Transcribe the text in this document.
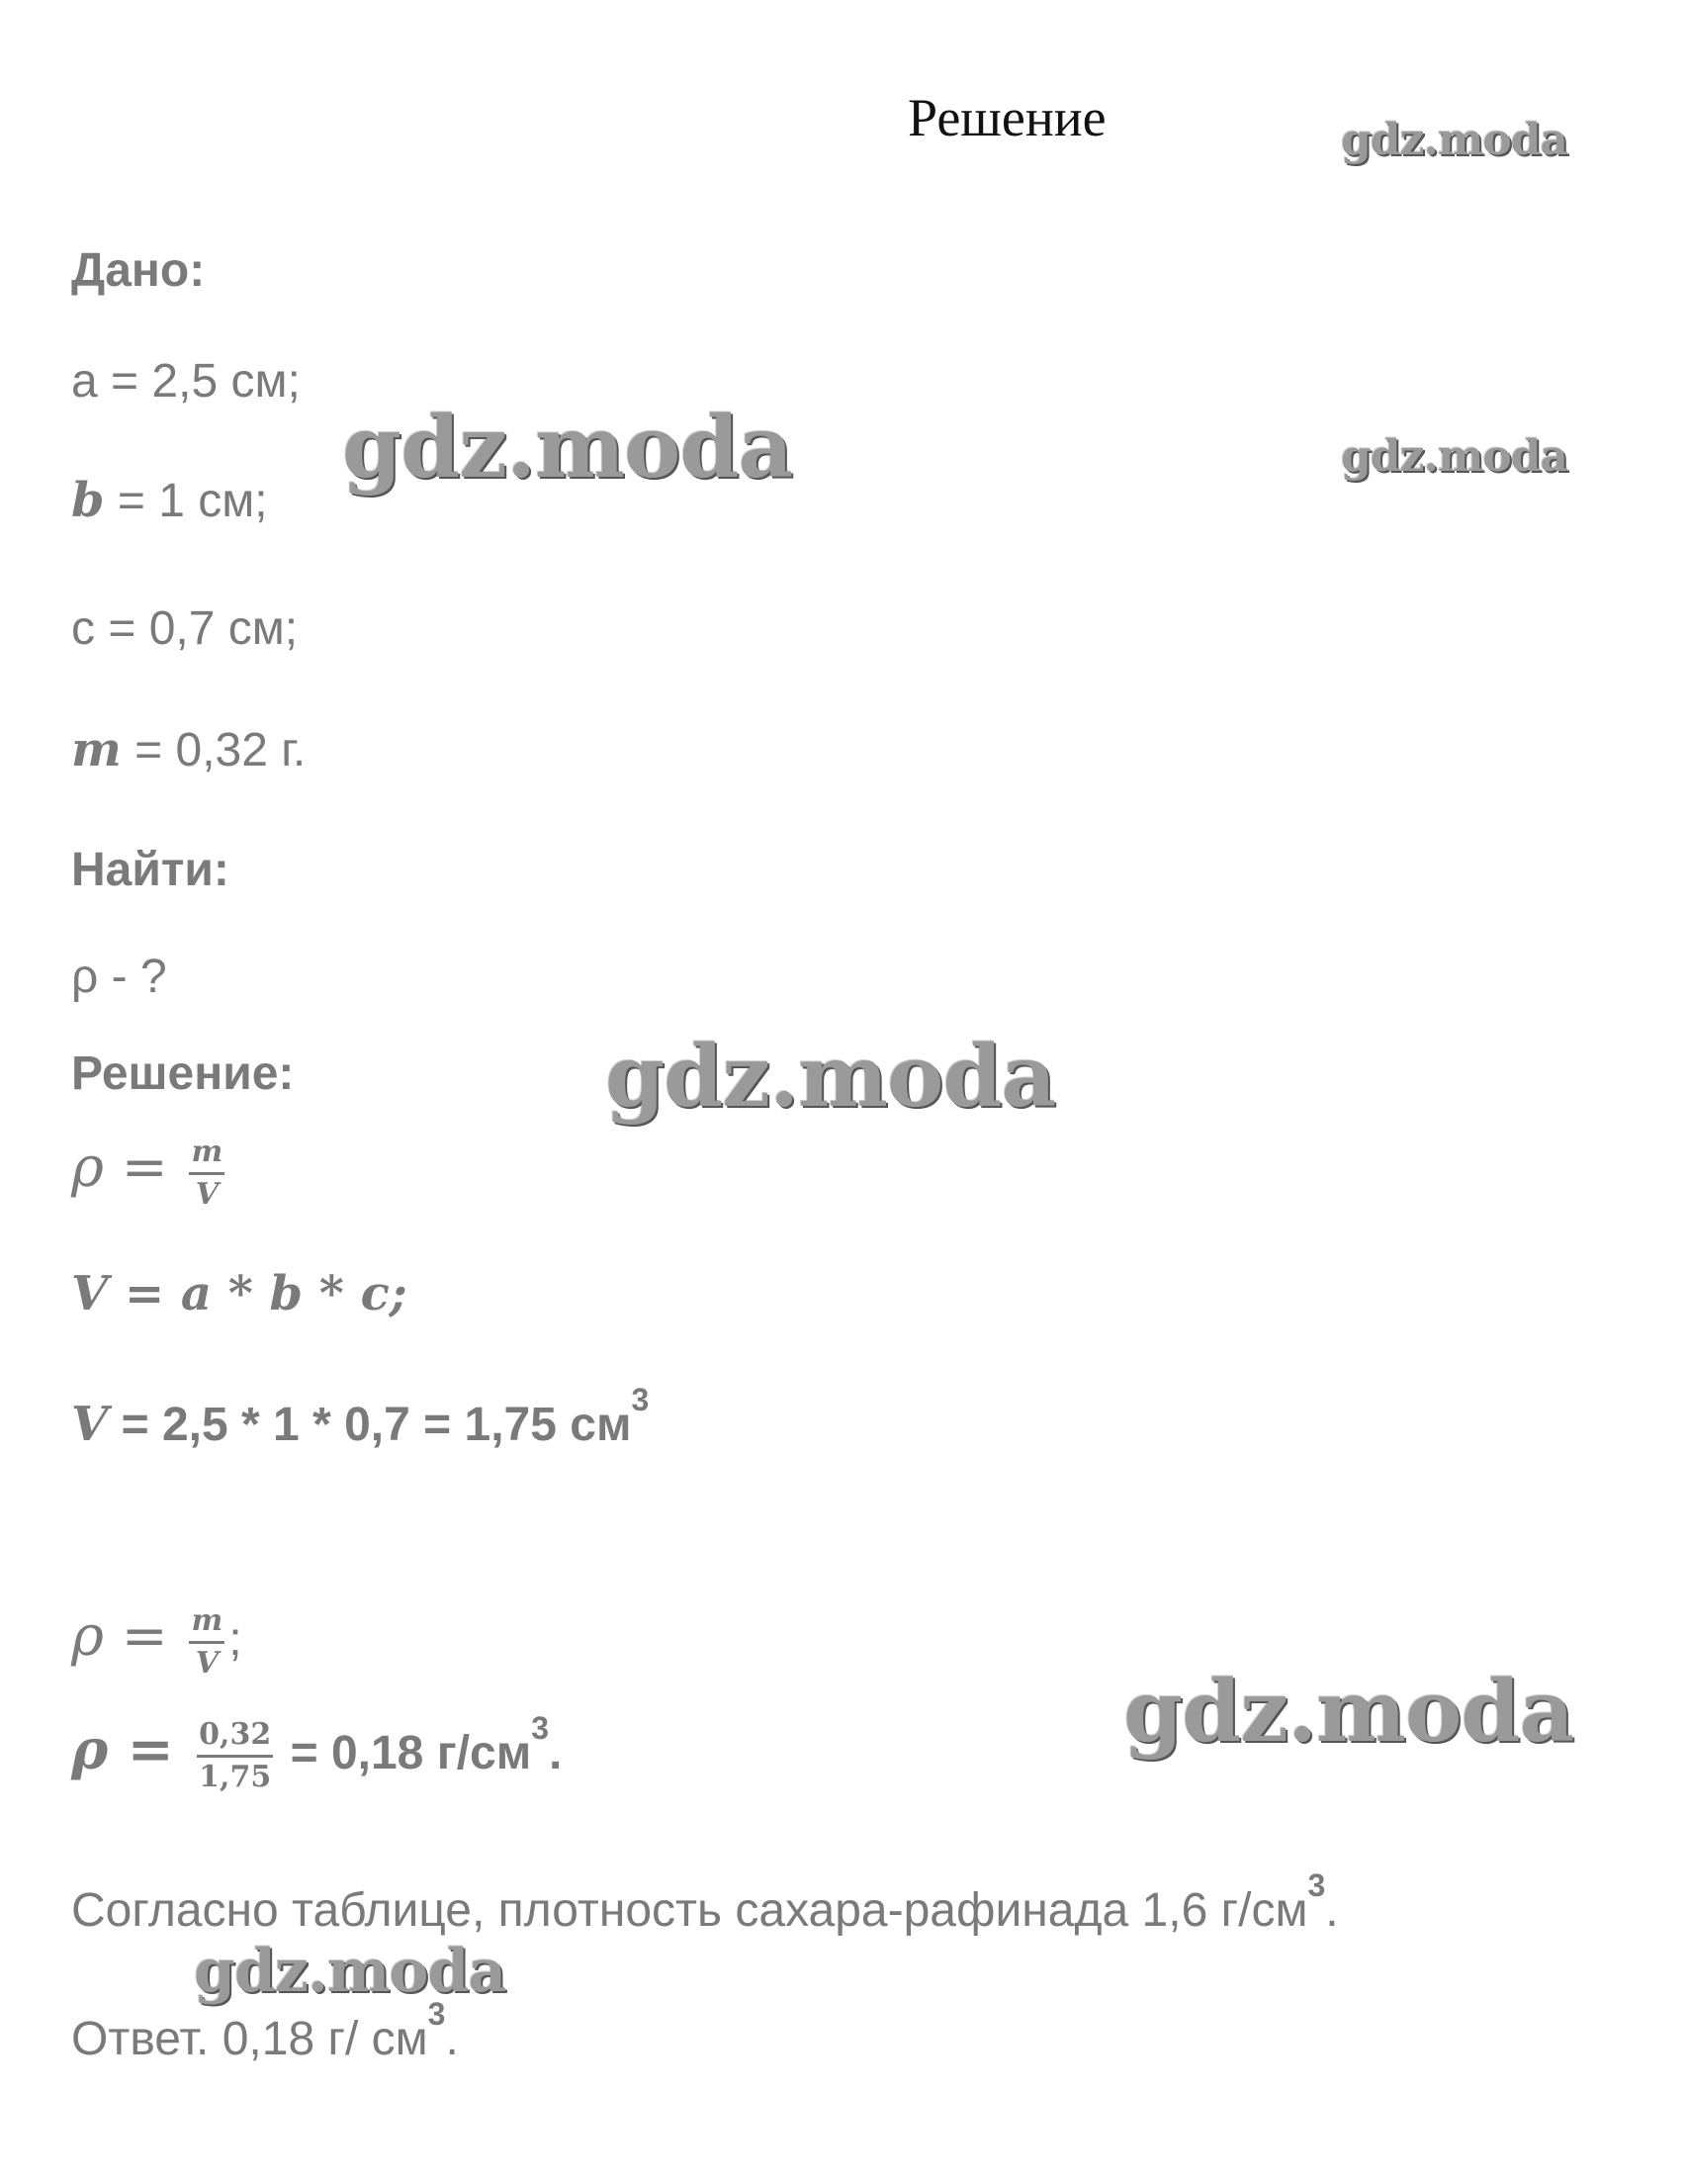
Решение
Дано:
a = 2,5 см;
b = 1 см;
c = 0,7 см;
m = 0,32 г.
Найти:
ρ - ?
Решение:
$\rho = \frac{m}{V}$
V = a * b * c;
V = 2,5 * 1 * 0,7 = 1,75 $см^3$
$\rho = \frac{m}{V}$ ;
$\rho = \frac{0,32}{1,75} = 0,18$ $г/см^3$.
Согласно таблице, плотность сахара-рафинада 1,6 $г/см^3$.
Ответ. 0,18 г/ $см^3$.
gdz.moda
gdz.moda	gdz.moda
gdz.moda
gdz.moda
gdz.moda
